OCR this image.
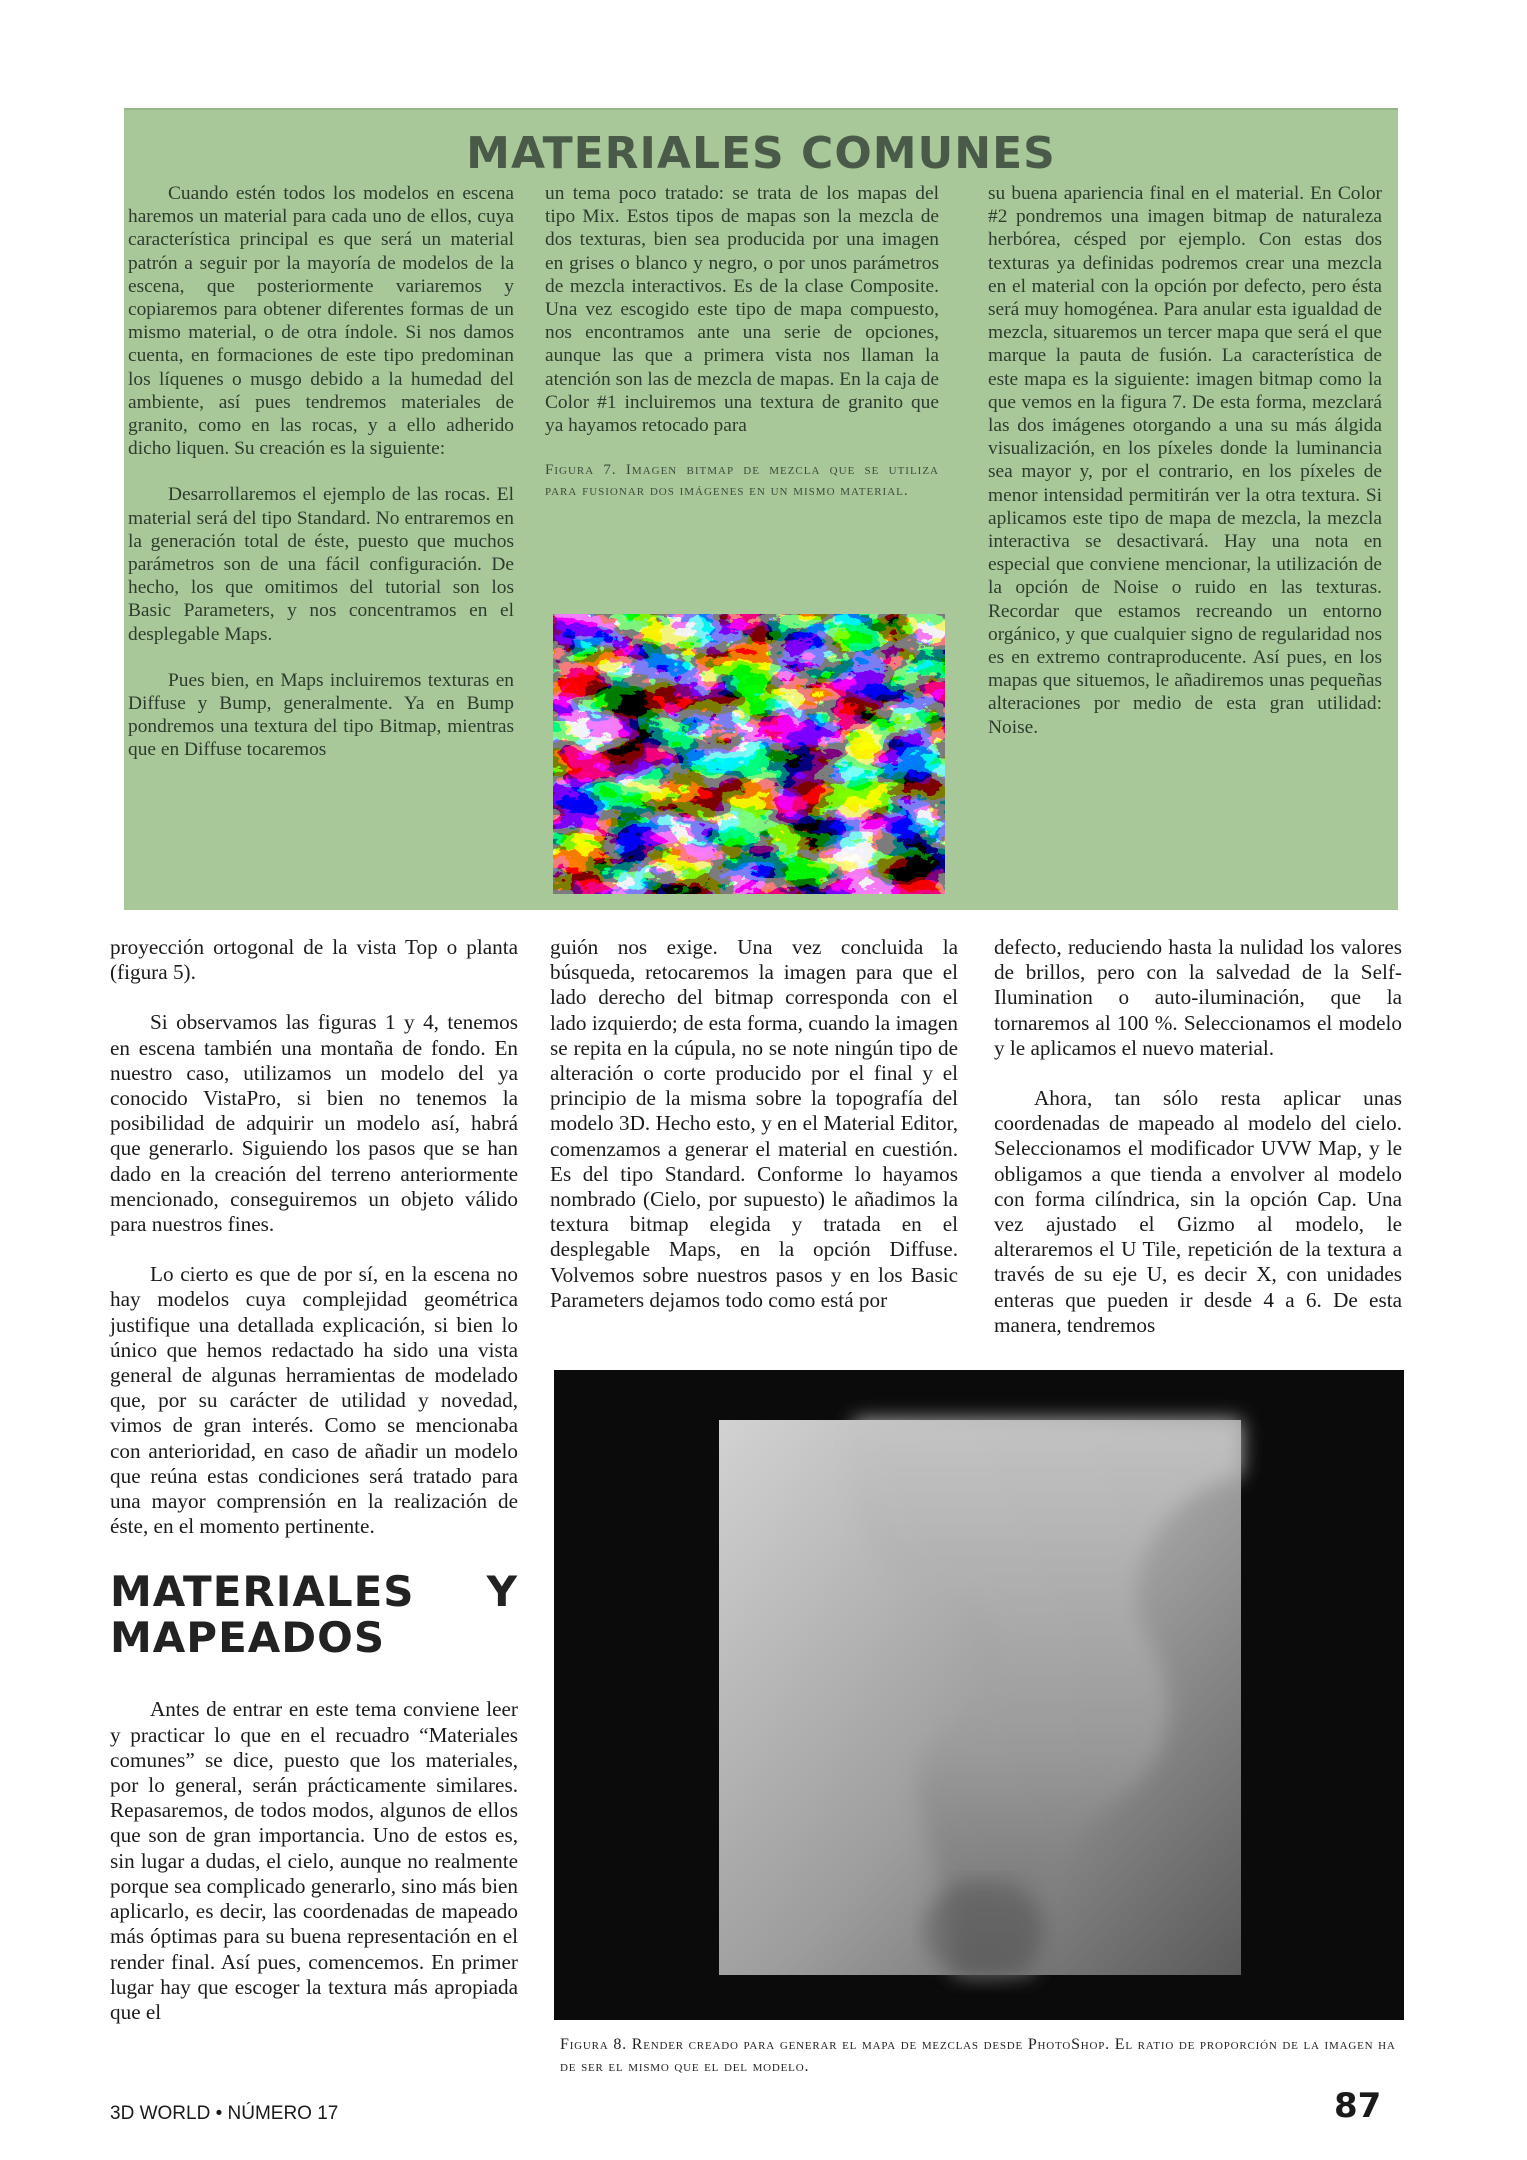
MATERIALES COMUNES

Cuando estén todos los modelos en escena haremos un material para cada uno de ellos, cuya característica principal es que será un material patrón a seguir por la mayoría de modelos de la escena, que posteriormente variaremos y copiaremos para obtener diferentes formas de un mismo material, o de otra índole. Si nos damos cuenta, en formaciones de este tipo predominan los líquenes o musgo debido a la humedad del ambiente, así pues tendremos materiales de granito, como en las rocas, y a ello adherido dicho liquen. Su creación es la siguiente:

Desarrollaremos el ejemplo de las rocas. El material será del tipo Standard. No entraremos en la generación total de éste, puesto que muchos parámetros son de una fácil configuración. De hecho, los que omitimos del tutorial son los Basic Parameters, y nos concentramos en el desplegable Maps.

Pues bien, en Maps incluiremos texturas en Diffuse y Bump, generalmente. Ya en Bump pondremos una textura del tipo Bitmap, mientras que en Diffuse tocaremos

un tema poco tratado: se trata de los mapas del tipo Mix. Estos tipos de mapas son la mezcla de dos texturas, bien sea producida por una imagen en grises o blanco y negro, o por unos parámetros de mezcla interactivos. Es de la clase Composite. Una vez escogido este tipo de mapa compuesto, nos encontramos ante una serie de opciones, aunque las que a primera vista nos llaman la atención son las de mezcla de mapas. En la caja de Color #1 incluiremos una textura de granito que ya hayamos retocado para

Figura 7. Imagen bitmap de mezcla que se utiliza para fusionar dos imágenes en un mismo material.

su buena apariencia final en el material. En Color #2 pondremos una imagen bitmap de naturaleza herbórea, césped por ejemplo. Con estas dos texturas ya definidas podremos crear una mezcla en el material con la opción por defecto, pero ésta será muy homogénea. Para anular esta igualdad de mezcla, situaremos un tercer mapa que será el que marque la pauta de fusión. La característica de este mapa es la siguiente: imagen bitmap como la que vemos en la figura 7. De esta forma, mezclará las dos imágenes otorgando a una su más álgida visualización, en los píxeles donde la luminancia sea mayor y, por el contrario, en los píxeles de menor intensidad permitirán ver la otra textura. Si aplicamos este tipo de mapa de mezcla, la mezcla interactiva se desactivará. Hay una nota en especial que conviene mencionar, la utilización de la opción de Noise o ruido en las texturas. Recordar que estamos recreando un entorno orgánico, y que cualquier signo de regularidad nos es en extremo contraproducente. Así pues, en los mapas que situemos, le añadiremos unas pequeñas alteraciones por medio de esta gran utilidad: Noise.

proyección ortogonal de la vista Top o planta (figura 5).

Si observamos las figuras 1 y 4, tenemos en escena también una montaña de fondo. En nuestro caso, utilizamos un modelo del ya conocido VistaPro, si bien no tenemos la posibilidad de adquirir un modelo así, habrá que generarlo. Siguiendo los pasos que se han dado en la creación del terreno anteriormente mencionado, conseguiremos un objeto válido para nuestros fines.

Lo cierto es que de por sí, en la escena no hay modelos cuya complejidad geométrica justifique una detallada explicación, si bien lo único que hemos redactado ha sido una vista general de algunas herramientas de modelado que, por su carácter de utilidad y novedad, vimos de gran interés. Como se mencionaba con anterioridad, en caso de añadir un modelo que reúna estas condiciones será tratado para una mayor comprensión en la realización de éste, en el momento pertinente.

MATERIALES Y MAPEADOS

Antes de entrar en este tema conviene leer y practicar lo que en el recuadro “Materiales comunes” se dice, puesto que los materiales, por lo general, serán prácticamente similares. Repasaremos, de todos modos, algunos de ellos que son de gran importancia. Uno de estos es, sin lugar a dudas, el cielo, aunque no realmente porque sea complicado generarlo, sino más bien aplicarlo, es decir, las coordenadas de mapeado más óptimas para su buena representación en el render final. Así pues, comencemos. En primer lugar hay que escoger la textura más apropiada que el

guión nos exige. Una vez concluida la búsqueda, retocaremos la imagen para que el lado derecho del bitmap corresponda con el lado izquierdo; de esta forma, cuando la imagen se repita en la cúpula, no se note ningún tipo de alteración o corte producido por el final y el principio de la misma sobre la topografía del modelo 3D. Hecho esto, y en el Material Editor, comenzamos a generar el material en cuestión. Es del tipo Standard. Conforme lo hayamos nombrado (Cielo, por supuesto) le añadimos la textura bitmap elegida y tratada en el desplegable Maps, en la opción Diffuse. Volvemos sobre nuestros pasos y en los Basic Parameters dejamos todo como está por

defecto, reduciendo hasta la nulidad los valores de brillos, pero con la salvedad de la Self-Ilumination o auto-iluminación, que la tornaremos al 100 %. Seleccionamos el modelo y le aplicamos el nuevo material.

Ahora, tan sólo resta aplicar unas coordenadas de mapeado al modelo del cielo. Seleccionamos el modificador UVW Map, y le obligamos a que tienda a envolver al modelo con forma cilíndrica, sin la opción Cap. Una vez ajustado el Gizmo al modelo, le alteraremos el U Tile, repetición de la textura a través de su eje U, es decir X, con unidades enteras que pueden ir desde 4 a 6. De esta manera, tendremos

Figura 8. Render creado para generar el mapa de mezclas desde PhotoShop. El ratio de proporción de la imagen ha de ser el mismo que el del modelo.
3D WORLD • NÚMERO 17	87
